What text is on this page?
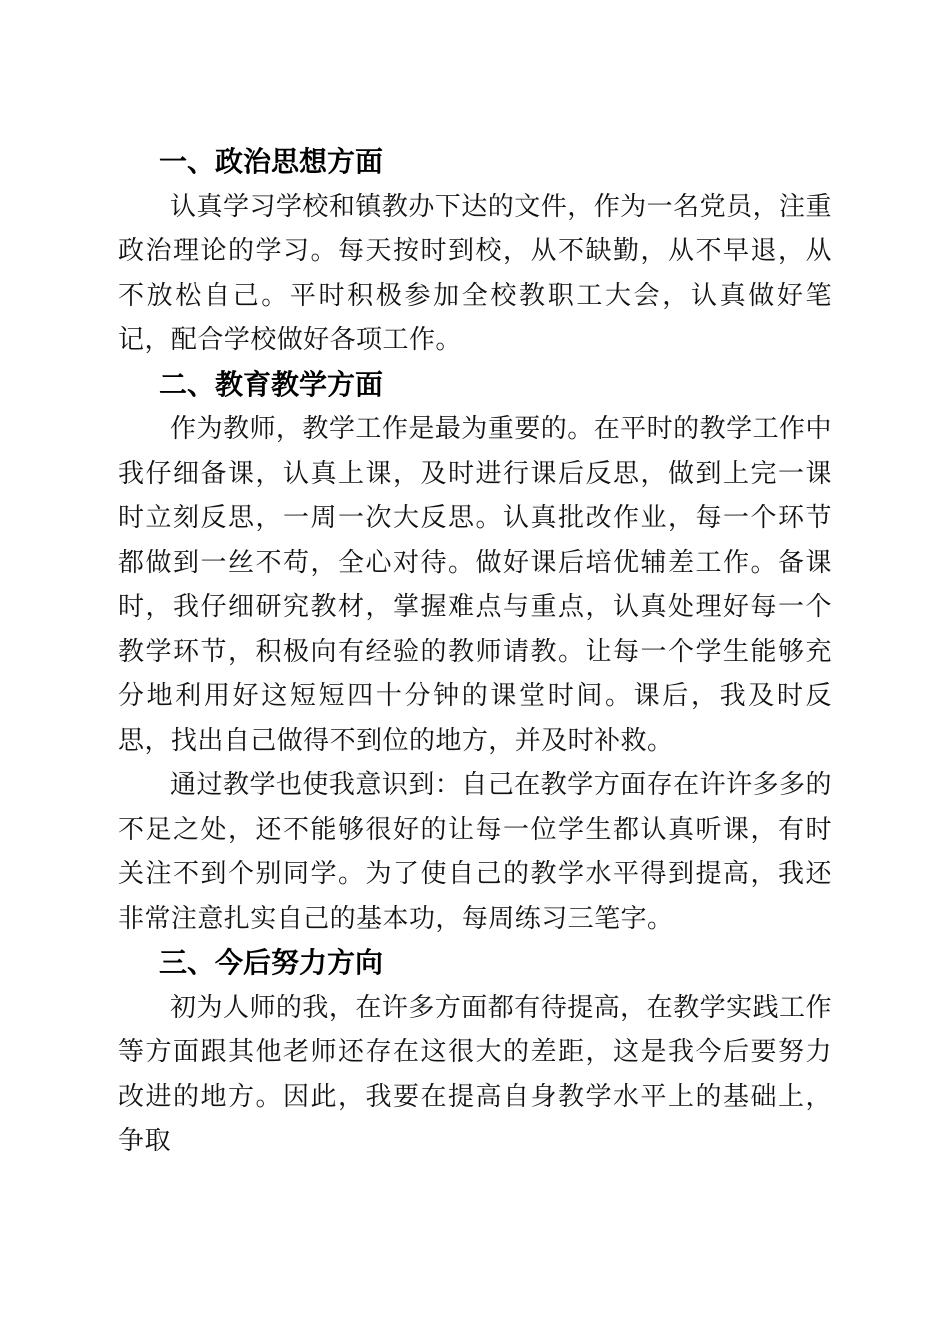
一、政治思想方面

认真学习学校和镇教办下达的文件，作为一名党员，注重政治理论的学习。每天按时到校，从不缺勤，从不早退，从不放松自己。平时积极参加全校教职工大会，认真做好笔记，配合学校做好各项工作。

二、教育教学方面

作为教师，教学工作是最为重要的。在平时的教学工作中我仔细备课，认真上课，及时进行课后反思，做到上完一课时立刻反思，一周一次大反思。认真批改作业，每一个环节都做到一丝不苟，全心对待。做好课后培优辅差工作。备课时，我仔细研究教材，掌握难点与重点，认真处理好每一个教学环节，积极向有经验的教师请教。让每一个学生能够充分地利用好这短短四十分钟的课堂时间。课后，我及时反思，找出自己做得不到位的地方，并及时补救。

通过教学也使我意识到：自己在教学方面存在许许多多的不足之处，还不能够很好的让每一位学生都认真听课，有时关注不到个别同学。为了使自己的教学水平得到提高，我还非常注意扎实自己的基本功，每周练习三笔字。

三、今后努力方向

初为人师的我，在许多方面都有待提高，在教学实践工作等方面跟其他老师还存在这很大的差距，这是我今后要努力改进的地方。因此，我要在提高自身教学水平上的基础上，争取
